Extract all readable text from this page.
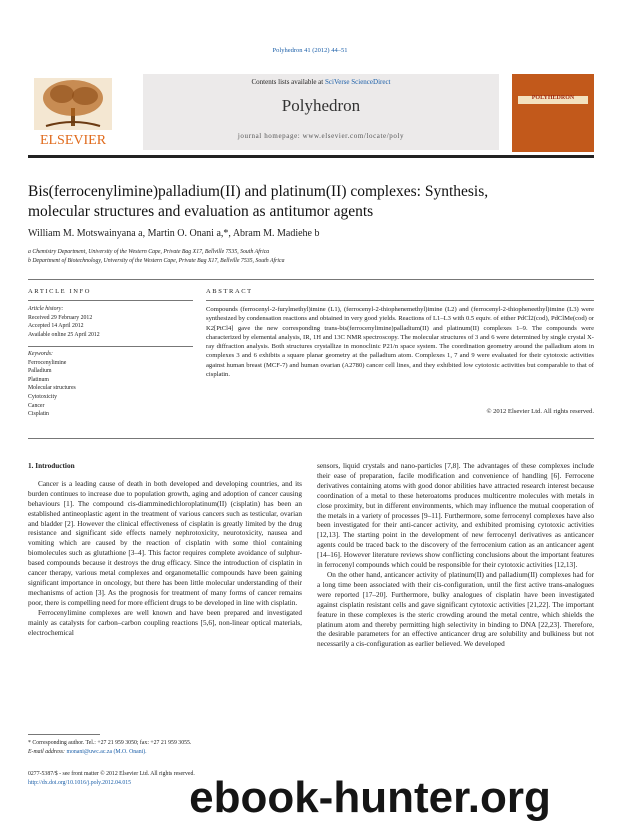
Polyhedron 41 (2012) 44–51
Contents lists available at SciVerse ScienceDirect
Polyhedron
journal homepage: www.elsevier.com/locate/poly
ELSEVIER
POLYHEDRON
Bis(ferrocenylimine)palladium(II) and platinum(II) complexes: Synthesis,
molecular structures and evaluation as antitumor agents
William M. Motswainyana a, Martin O. Onani a,*, Abram M. Madiehe b
a Chemistry Department, University of the Western Cape, Private Bag X17, Bellville 7535, South Africa
b Department of Biotechnology, University of the Western Cape, Private Bag X17, Bellville 7535, South Africa
ARTICLE INFO
Article history:
Received 29 February 2012
Accepted 14 April 2012
Available online 25 April 2012
Keywords:
Ferrocenylimine
Palladium
Platinum
Molecular structures
Cytotoxicity
Cancer
Cisplatin
ABSTRACT
Compounds (ferrocenyl-2-furylmethyl)imine (L1), (ferrocenyl-2-thiophenemethyl)imine (L2) and (ferrocenyl-2-thiopheneethyl)imine (L3) were synthesized by condensation reactions and obtained in very good yields. Reactions of L1–L3 with 0.5 equiv. of either PdCl2(cod), PdClMe(cod) or K2[PtCl4] gave the new corresponding trans-bis(ferrocenylimine)palladium(II) and platinum(II) complexes 1–9. The compounds were characterized by elemental analysis, IR, 1H and 13C NMR spectroscopy. The molecular structures of 3 and 6 were determined by single crystal X-ray diffraction analysis. Both structures crystallize in monoclinic P21/n space system. The coordination geometry around the palladium atom in complexes 3 and 6 exhibits a square planar geometry at the palladium atom. Complexes 1, 7 and 9 were evaluated for their cytotoxic activities against human breast (MCF-7) and human ovarian (A2780) cancer cell lines, and they exhibited low cytotoxic activities but comparable to that of cisplatin.
© 2012 Elsevier Ltd. All rights reserved.

1. Introduction

Cancer is a leading cause of death in both developed and developing countries, and its burden continues to increase due to population growth, aging and adoption of cancer causing behaviours [1]. The compound cis-diamminedichloroplatinum(II) (cisplatin) has been an established antineoplastic agent in the treatment of various cancers such as testicular, ovarian and bladder [2]. However the clinical effectiveness of cisplatin is greatly limited by the drug resistance and significant side effects namely nephrotoxicity, neurotoxicity, nausea and vomiting which are caused by the reaction of cisplatin with some thiol containing biomolecules such as glutathione [3–4]. This factor requires complete avoidance of sulphur-based compounds because it destroys the drug efficacy. Since the introduction of cisplatin in cancer therapy, various metal complexes and organometallic compounds have been gaining significant importance in oncology, but there has been little molecular understanding of their mechanisms of action [3]. As the prognosis for treatment of many forms of cancer remains poor, there is compelling need for more efficient drugs to be developed in line with cisplatin.

Ferrocenylimine complexes are well known and have been prepared and investigated mainly as catalysts for carbon–carbon coupling reactions [5,6], non-linear optical materials, electrochemical

sensors, liquid crystals and nano-particles [7,8]. The advantages of these complexes include their ease of preparation, facile modification and convenience of handling [6]. Ferrocene derivatives containing atoms with good donor abilities have attracted research interest because coordination of a metal to these heteroatoms produces multicentre molecules with metals in close proximity, but in different environments, which may influence the mutual cooperation of the metals in a variety of processes [9–11]. Furthermore, some ferrocenyl complexes have also been investigated for their anti-cancer activity, and exhibited promising cytotoxic activities [12,13]. The starting point in the development of new ferrocenyl derivatives as anticancer agents could be traced back to the discovery of the ferrocenium cation as an anticancer agent [14–16]. However literature reviews show conflicting conclusions about the important features in ferrocenyl compounds which could be responsible for their cytotoxic activities [12,13].

On the other hand, anticancer activity of platinum(II) and palladium(II) complexes had for a long time been associated with their cis-configuration, until the first active trans-analogues were reported [17–20]. Furthermore, bulky analogues of cisplatin have been investigated against cisplatin resistant cells and gave significant cytotoxic activities [21,22]. The important feature in these complexes is the steric crowding around the metal centre, which shields the platinum atom and thereby permitting high selectivity in binding to DNA [22,23]. Therefore, the desirable parameters for an effective anticancer drug are solubility and bulkiness but not necessarily a cis-configuration as earlier believed. We developed

* Corresponding author. Tel.: +27 21 959 3050; fax: +27 21 959 3055.
E-mail address: monani@uwc.ac.za (M.O. Onani).
0277-5387/$ - see front matter © 2012 Elsevier Ltd. All rights reserved.
http://dx.doi.org/10.1016/j.poly.2012.04.015 ebook-hunter.org
